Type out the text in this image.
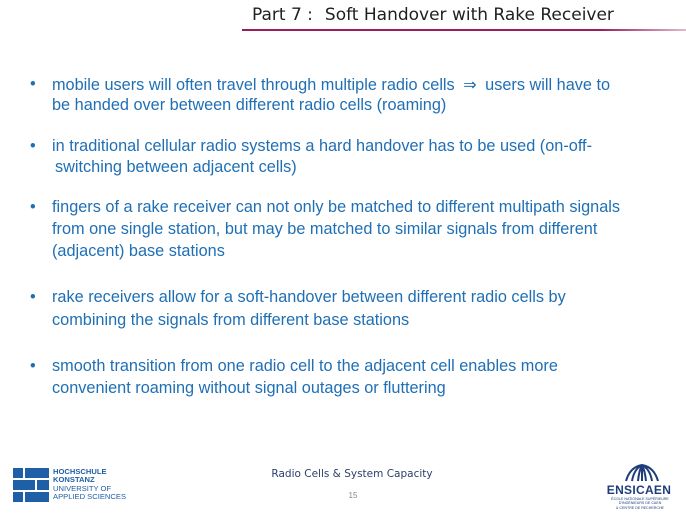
Part 7 : Soft Handover with Rake Receiver
• mobile users will often travel through multiple radio cells ⇒ users will have to
be handed over between different radio cells (roaming)
• in traditional cellular radio systems a hard handover has to be used (on-off-
switching between adjacent cells)
• fingers of a rake receiver can not only be matched to different multipath signals
from one single station, but may be matched to similar signals from different
(adjacent) base stations
• rake receivers allow for a soft-handover between different radio cells by
combining the signals from different base stations
• smooth transition from one radio cell to the adjacent cell enables more
convenient roaming without signal outages or fluttering
HOCHSCHULE
KONSTANZ
UNIVERSITY OF
APPLIED SCIENCES
Radio Cells & System Capacity
15	ENSICAEN
ÉCOLE NATIONALE SUPÉRIEURE D'INGÉNIEURS DE CAEN
& CENTRE DE RECHERCHE
